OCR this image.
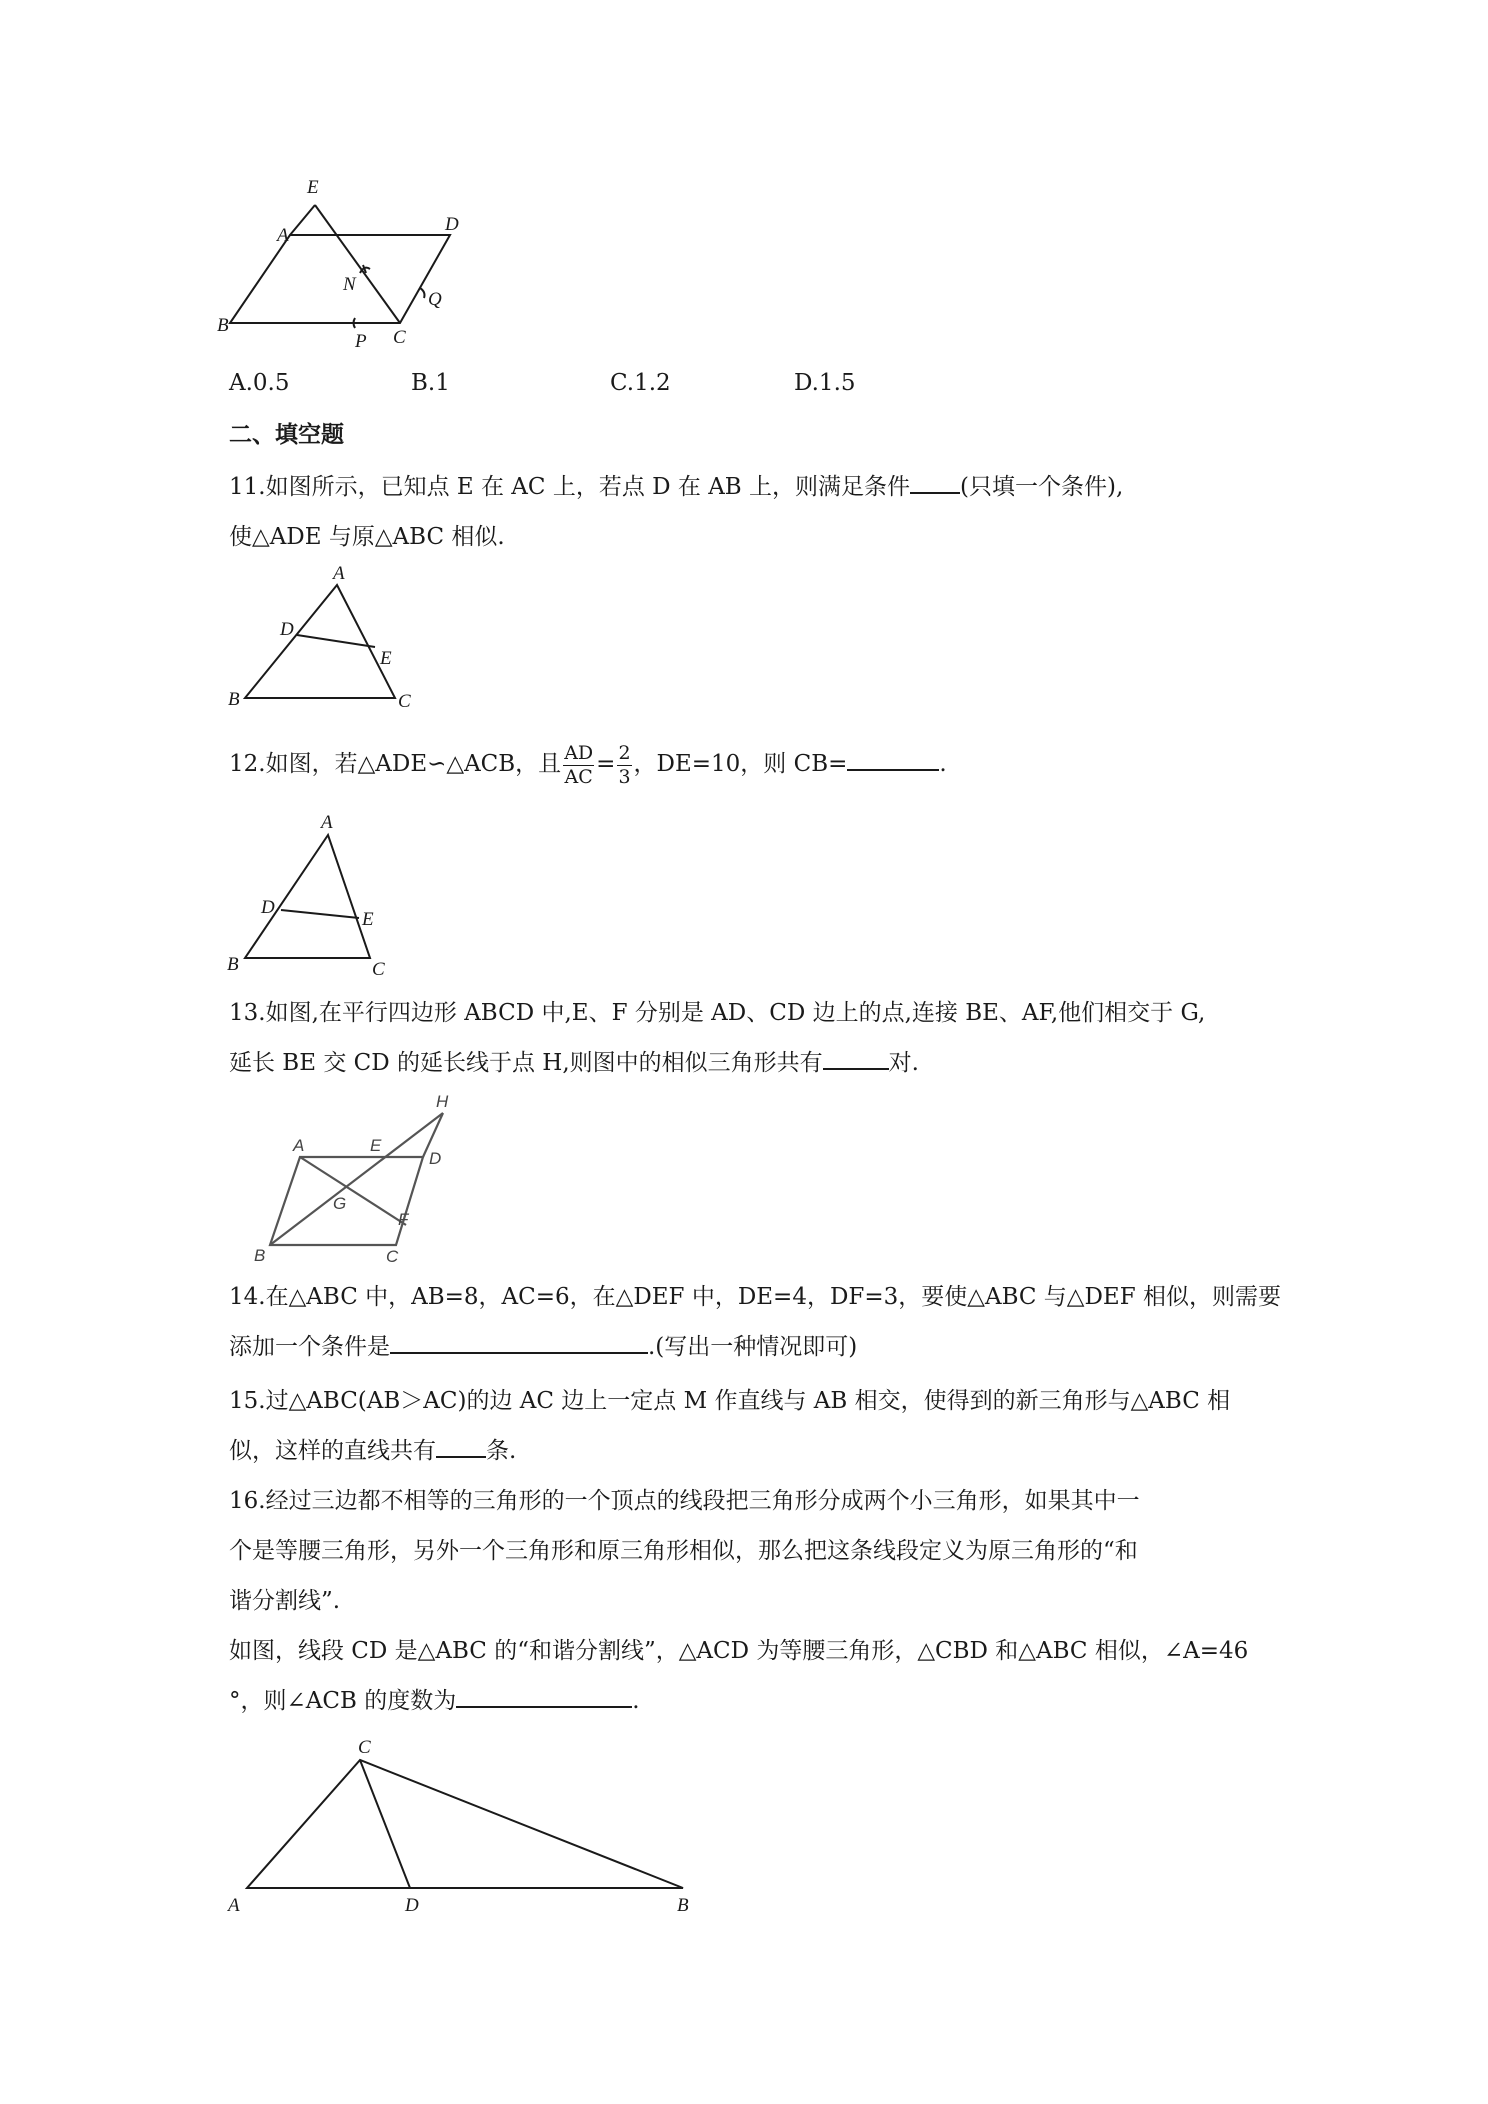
E
A
D
N
Q
B
P C
A.0.5	B.1	C.1.2	D.1.5
二、填空题
11.如图所示，已知点 E 在 AC 上，若点 D 在 AB 上，则满足条件 (只填一个条件),
使△ADE 与原△ABC 相似.
A
D
E
B	C
12.如图，若△ADE∽△ACB，且 $\frac{AD}{AC} = \frac{2}{3}$ ，DE=10，则 CB=	.
A
D
E
B	C
13.如图,在平行四边形 ABCD 中,E、F 分别是 AD、CD 边上的点,连接 BE、AF,他们相交于 G,
延长 BE 交 CD 的延长线于点 H,则图中的相似三角形共有	对.
H
A	E
D
G
F
B	C
14.在△ABC 中，AB=8，AC=6，在△DEF 中，DE=4，DF=3，要使△ABC 与△DEF 相似，则需要
添加一个条件是	.(写出一种情况即可)
15.过△ABC(AB＞AC)的边 AC 边上一定点 M 作直线与 AB 相交，使得到的新三角形与△ABC 相
似，这样的直线共有 条.
16.经过三边都不相等的三角形的一个顶点的线段把三角形分成两个小三角形，如果其中一
个是等腰三角形，另外一个三角形和原三角形相似，那么把这条线段定义为原三角形的“和
谐分割线”.
如图，线段 CD 是△ABC 的“和谐分割线”，△ACD 为等腰三角形，△CBD 和△ABC 相似，∠A=46
°，则∠ACB 的度数为	.
C
A	D	B
